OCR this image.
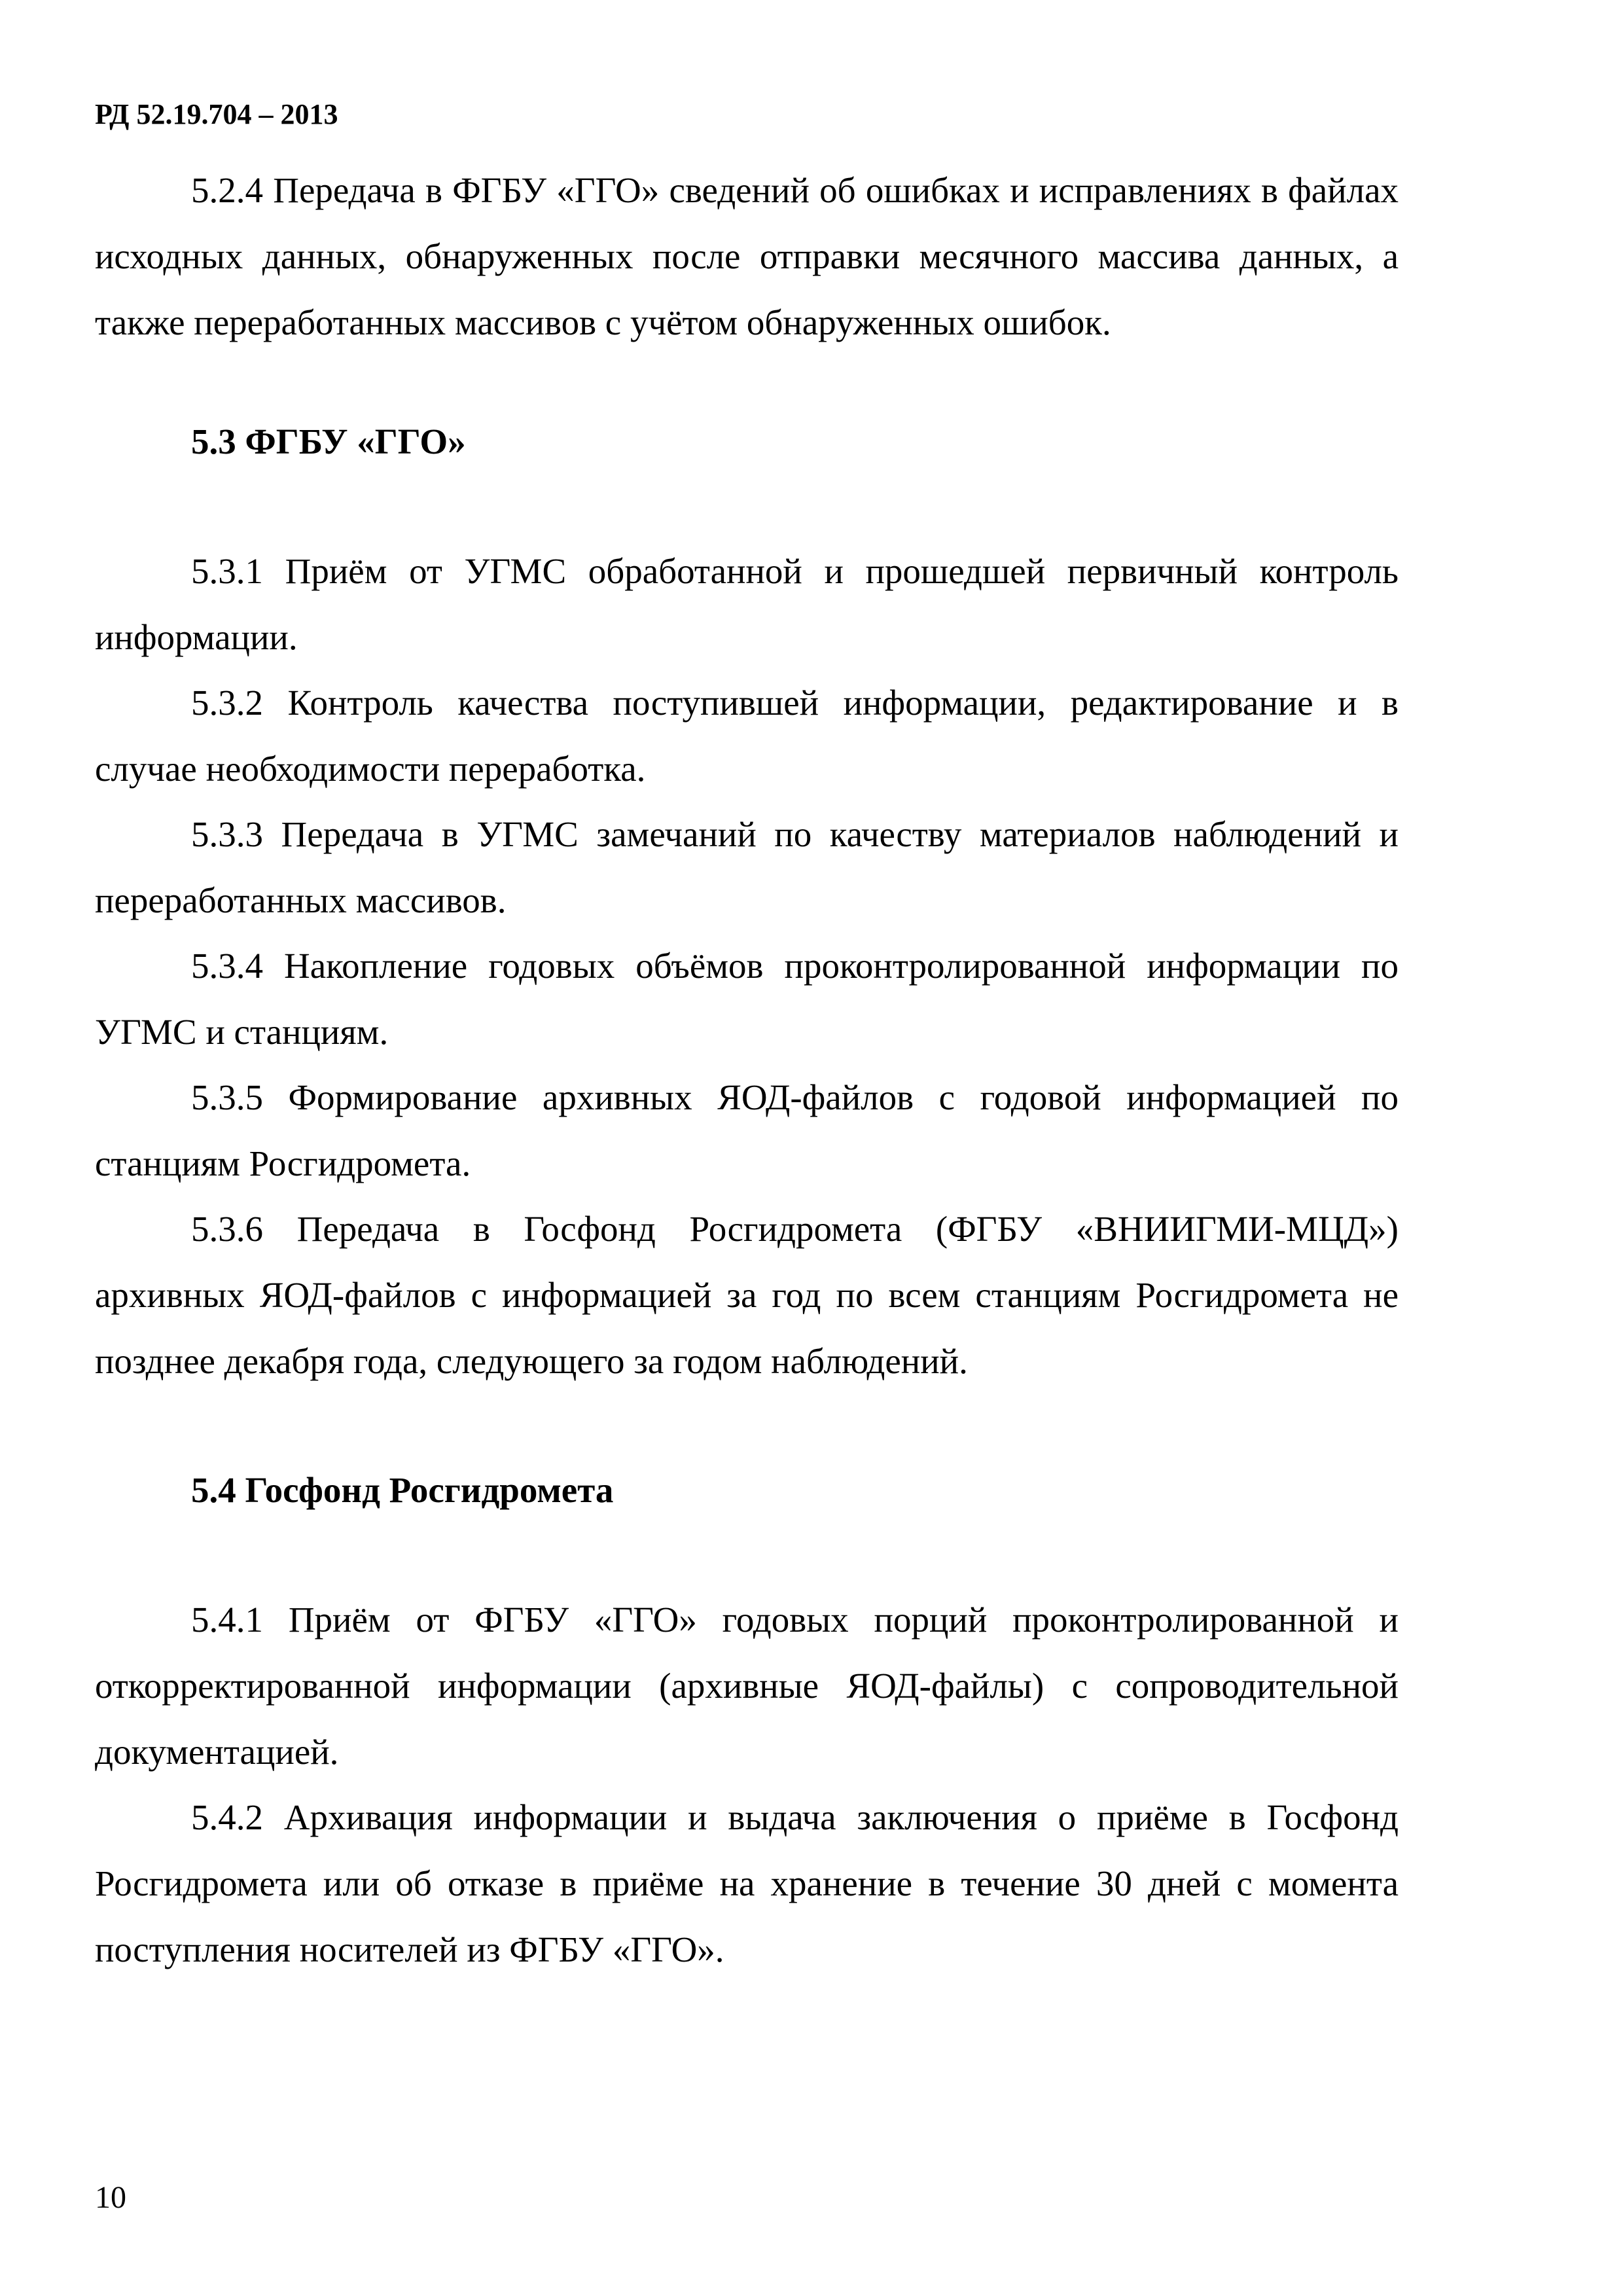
РД 52.19.704 – 2013
5.2.4 Передача в ФГБУ «ГГО» сведений об ошибках и исправлениях в файлах исходных данных, обнаруженных после отправки месячного массива данных, а также переработанных массивов с учётом обнаруженных ошибок.
5.3 ФГБУ «ГГО»
5.3.1 Приём от УГМС обработанной и прошедшей первичный контроль информации.
5.3.2 Контроль качества поступившей информации, редактирование и в случае необходимости переработка.
5.3.3 Передача в УГМС замечаний по качеству материалов наблюдений и переработанных массивов.
5.3.4 Накопление годовых объёмов проконтролированной информации по УГМС и станциям.
5.3.5 Формирование архивных ЯОД-файлов с годовой информацией по станциям Росгидромета.
5.3.6 Передача в Госфонд Росгидромета (ФГБУ «ВНИИГМИ-МЦД») архивных ЯОД-файлов с информацией за год по всем станциям Росгидромета не позднее декабря года, следующего за годом наблюдений.
5.4 Госфонд Росгидромета
5.4.1 Приём от ФГБУ «ГГО» годовых порций проконтролированной и откорректированной информации (архивные ЯОД-файлы) с сопроводительной документацией.
5.4.2 Архивация информации и выдача заключения о приёме в Госфонд Росгидромета или об отказе в приёме на хранение в течение 30 дней с момента поступления носителей из ФГБУ «ГГО».
10
